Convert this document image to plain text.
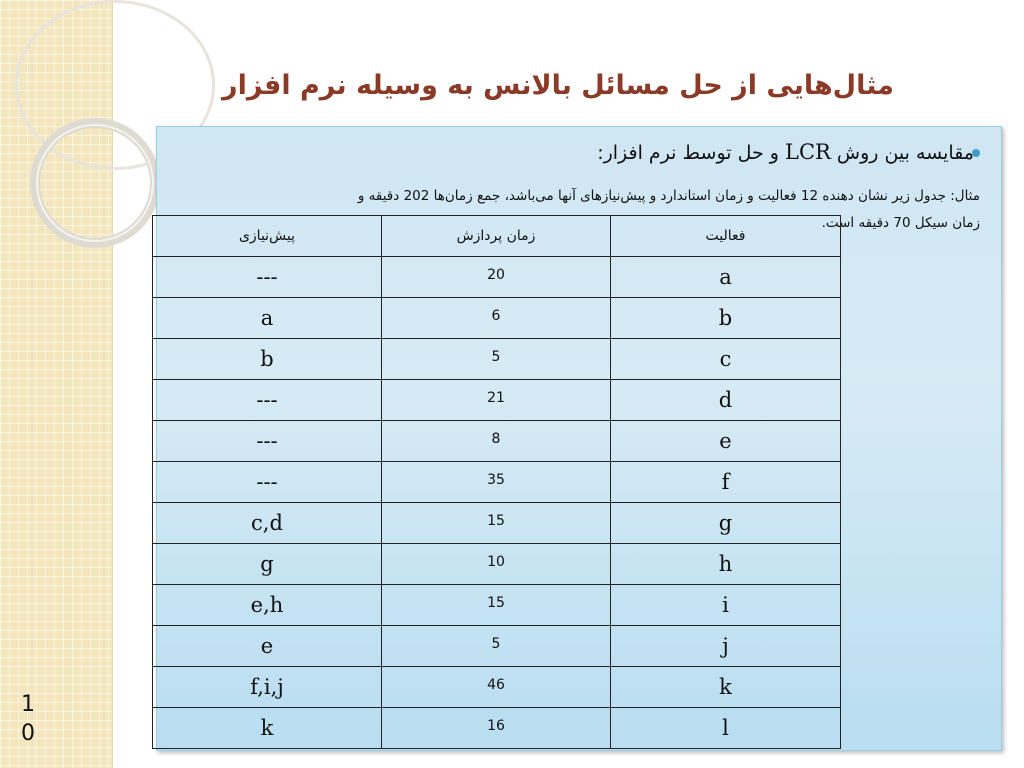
مثال‌هایی از حل مسائل بالانس به وسیله نرم افزار
مقایسه بین روش LCR و حل توسط نرم افزار:
مثال: جدول زیر نشان دهنده 12 فعالیت و زمان استاندارد و پیش‌نیازهای آنها می‌باشد، جمع زمان‌ها 202 دقیقه و زمان سیکل 70 دقیقه است.
پیش‌نیازی	زمان پردازش	فعالیت
---	20	a
a	6	b
b	5	c
---	21	d
---	8	e
---	35	f
c,d	15	g
g	10	h
e,h	15	i
e	5	j
f,i,j	46	k
k	16	l
1
0
